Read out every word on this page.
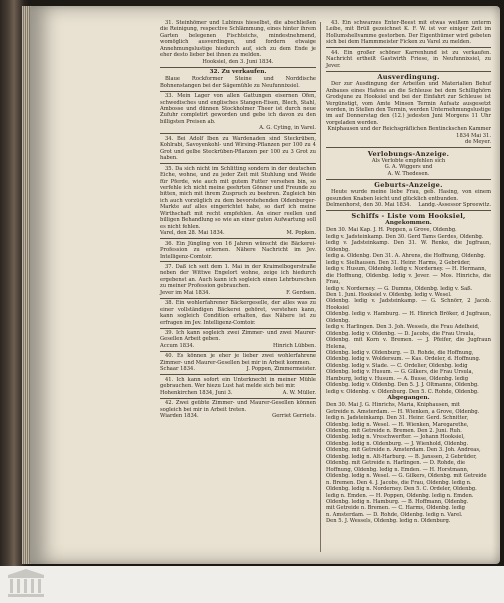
31. Steinhömer und Lubinus hieselbst, die abschließen die Reinigung, respective Schlämmung, eines hinter ihrem Garten belegenen Fischteichs, mindestnehmend, womöglich ausverdingen, und fordern etwaige Annehmungslustige hiedurch auf, sich zu dem Ende je eher desto lieber bei ihnen zu melden.

Hooksiel, den 3. Juni 1834.
32. Zu verkaufen.

Blaue Rockformer Steine und Norddische Bohnenstangen bei der Sägemühle zu Neufunnixsiel.

33. Mein Lager von allen Gattungen eisernen Ofen, schwedisches und englisches Stangen-Eisen, Blech, Stahl, Ambosse und dünnen Stockholmer Theer ist durch neue Zufuhr completirt geworden und gebe ich davon zu den billigsten Preisen ab.

A. G. Cyting, in Varel.

34. Bei Adolf Iben zu Wardenaden sind Steckrüben, Kohlrabi, Savoyenkohl- und Wirsing-Pflanzen per 100 zu 4 Grot und gelbe Steckrüben-Pflanzen per 100 zu 3 Grot zu haben.

35. Da sich nicht im Schlitting sondern in der deutschen Eiche, wohne, und zu jeder Zeit mit Stuhlung und Weide für Pferde, wie auch mit gutem Futter versehen bin, so verfehle ich nicht meine geehrten Gönner und Freunde zu bitten, mich mit ihrem Zuspruch zu beehren. Zugleich bin ich auch vorzüglich zu dem bevorstehenden Oldenburger-Markte auf alles eingerichtet habe, so darf ich meine Wirthschaft mit recht empfehlen. An einer reellen und billigen Behandlung so wie an einer guten Aufwartung soll es nicht fehlen.

Varel, den 28. Mai 1834.	M. Popken.

36. Ein Jüngling von 16 Jahren wünscht die Bäckerei-Profession zu erlernen. Nähere Nachricht im Jev. Intelligenz-Comtoir.

37. Daß ich seit dem 1. Mai in der Kraimelbogerstraße neben der Wittwe Engelort wohne, zeige ich hiedurch ergebenst an. Auch kann ich sogleich einen Lehrburschen zu meiner Profession gebrauchen.

Jever im Mai 1834.	F. Gerdsen.

38. Ein wohlerfahrener Bäckergeselle, der alles was zu einer vollständigen Bäckerei gehöret, verstehen kann, kann sogleich Condition erhalten, das Nähere ist zu erfragen im Jev. Intelligenz-Comtoir.

39. Ich kann sogleich zwei Zimmer- und zwei Maurer-Gesellen Arbeit geben.

Accum 1834.	Hinrich Lübben.

40. Es können je eher je lieber zwei wohlerfahrene Zimmer- und Maurer-Gesellen bei mir in Arbeit kommen.

Schaar 1834.	J. Poppen, Zimmermeister.

41. Ich kann sofort ein Unterknecht in meiner Mühle gebrauchen. Wer hiezu Lust hat melde sich bei mir.

Hohenkirchen 1834, Juni 3.	A. W. Müller.

42. Zwei geübte Zimmer- und Maurer-Gesellen können sogleich bei mir in Arbeit treten.

Wiarden 1834.	Gerriet Gerriets.

43. Ein schwarzes Enter-Beest mit etwas weißem unterm Leibe, mit Brüll gezeichnet K. F. W. ist vor einiger Zeit im Hollumshellvamme gestorben. Der Eigenthümer wird gebeten sich bei dem Hammmeister Ficken zu Varel zu melden.

44. Ein großer schöner Karrenhund ist zu verkaufen. Nachricht ertheilt Gastwirth Friese, in Neufunnixsiel, zu Jever.

Ausverdingung.

Der zur Ausdingung der Arbeiten und Materialien Behuf Anbaues eines Hafens an die Schleuse bei dem Schillighörn Grodsjune zu Hooksiel und bei der Einfahrt zur Schleuse ist Vergünstigt, vom Amte Minsen Termin Aufsatz ausgesetzt worden, in Stellen den Termin, werden Unternehmungslustige im auf Donnerstag den (12.) jedesten Juni Morgens 11 Uhr vorgeladen werden.

Kniphausen und der Reichsgräflichen Bentinckschen Kammer 1834 Mai 31.
de Meyer.
Verlobungs-Anzeige.
Als Verlobte empfehlen sich
G. A. Wiggers und
A. W. Thedesen.
Geburts-Anzeige.

Heute wurde meine liebe Frau, geb. Hasing, von einem gesunden Knaben leicht und glücklich entbunden.

Delmenhorst, den 30. Mai 1834. Landg.-Assessor Spreewitz.
Schiffs - Liste vom Hooksiel,
Angekommen.
Den 30. Mai Kap. J. H. Poppen, a Grove, Oldenbg.
ledig v. Jadsteinkamp. Den 30. Gerd Tams Gerdes, Oldenbg.
ledig v. Jadsteinkamp. Den 31. W. Renke, die Jugfraun, Oldenbg.
ledig a. Oldenbg. Den 31. A. Ahrens, die Hoffnung, Oldenbg.
ledig v. Sielhausen. Den 31. Heinr. Harms, 2 Gebrüder,
ledig v. Husum, Oldenbg. ledig v. Norderney. — H. Hermann,
die Hoffnung, Oldenbg. ledig v. Jever. — Mos. Hinrichs, die Frau,
ledig v. Norderney. — G. Dumms, Oldenbg. ledig v. Saß.
Den 1. Juni. Hooksiel v. Oldenbg. ledig v. Wesel.
Oldenbg. ledig v. Jadsteinkamp. — G. Schnörr, 2 Jacob. Hooksiel
Oldenbg. ledig v. Hamburg. — H. Hinrich Bröker, d Jugfraun, Oldenbg.
ledig v. Harlingen. Den 3. Joh. Wessels, die Frau Adelheid,
Oldenbg. ledig v. Oldenbg. — D. Jacobs, die Frau Ursula,
Oldenbg. mit Korn v. Bremen. — J. Pfeifer, die Jugfraun Helena,
Oldenbg. ledig v. Oldenburg. — D. Rohde, die Hoffnung,
Oldenbg. ledig v. Woldersum. — Kas. Ordeler, d. Hoffnung.
Oldenbg. ledig v. Stade. — C. Ordelier, Oldenbg. ledig
Oldenbg. ledig v. Husum. — G. Gilkers, die Frau Ursula,
Hamburg, ledig v. Husum. — A. Busse, Oldenbg. ledig
Oldenbg. ledig v. Oldenbg. Den 5. J. J. Oltmanns, Oldenbg.
ledig v. Oldenbg. v. Oldenburg. Den 5. C. Rohde, Oldenbg.
Abgegangen.
Den 30. Mai J. G. Hinrichs, Maria, Kniphausen, mit
Getreide n. Amsterdam. — H. Wienken, a Grove, Oldenbg.
ledig n. Jadsteinkamp. Den 31. Heinr. Gerd. Schnitter,
Oldenbg. ledig n. Wesel. — H. Wienken, Maregarethe,
Oldenbg. mit Getreide n. Bremen. Den 2. Juni. Ruh.
Oldenbg. ledig n. Vreschwerfter. — Johann Hooksiel,
Oldenbg. ledig n. Oldenburg. — J. Wienhold, Oldenbg.
Oldenbg. mit Getreide n. Amsterdam. Den 3. Joh. Andreas,
Oldenbg. ledig n. Alt-Harburg. — B. Janssen, 2 Gebrüder,
Oldenbg. mit Getreide n. Harlingen. — D. Rohde, die
Hoffnung, Oldenbg. ledig n. Emden. — H. Horstmann,
Oldenbg. ledig n. Wesel. — G. Gilkers, Oldenbg. mit Getreide
n. Bremen. Den 4. J. Jacobs, die Frau, Oldenbg. ledig n.
Oldenbg. ledig n. Norderney. Den 5. C. Ordeler, Oldenbg.
ledig n. Emden. — H. Poppen, Oldenbg. ledig n. Emden.
Oldenbg. ledig n. Hamburg. — B. Hoffmann, Oldenbg.
mit Getreide n. Bremen. — C. Harms, Oldenbg. ledig
n. Amsterdam. — D. Rohde, Oldenbg. ledig n. Varel.
Den 5. J. Wessels, Oldenbg. ledig n. Oldenburg.
